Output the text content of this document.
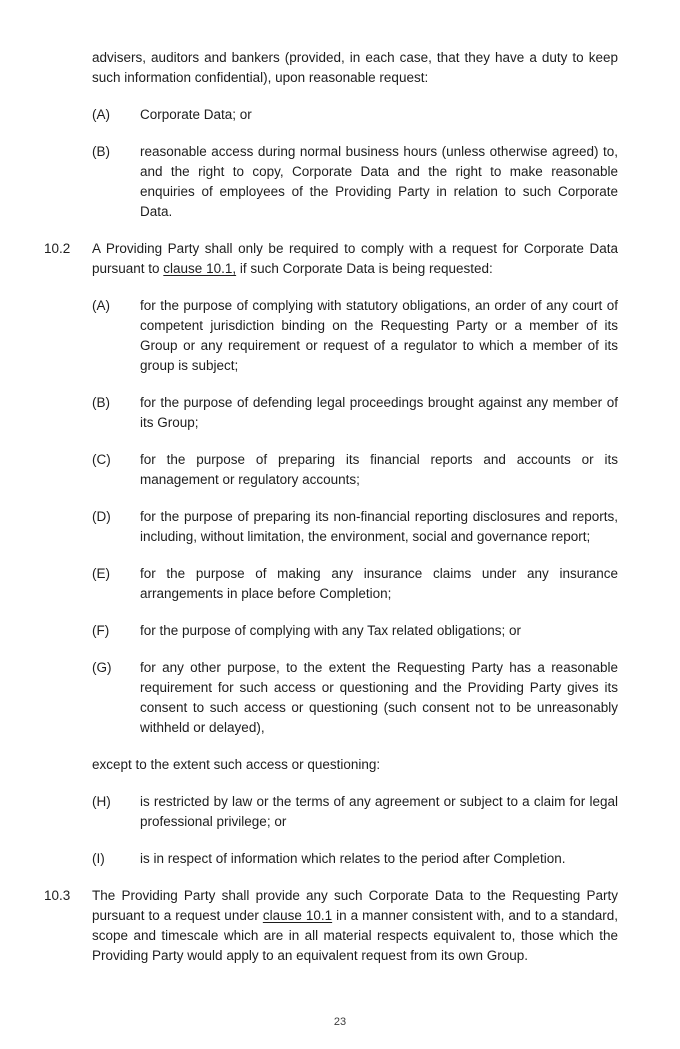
advisers, auditors and bankers (provided, in each case, that they have a duty to keep such information confidential), upon reasonable request:

(A)	Corporate Data; or
(B)	reasonable access during normal business hours (unless otherwise agreed) to, and the right to copy, Corporate Data and the right to make reasonable enquiries of employees of the Providing Party in relation to such Corporate Data.
10.2	A Providing Party shall only be required to comply with a request for Corporate Data pursuant to clause 10.1, if such Corporate Data is being requested:
(A)	for the purpose of complying with statutory obligations, an order of any court of competent jurisdiction binding on the Requesting Party or a member of its Group or any requirement or request of a regulator to which a member of its group is subject;
(B)	for the purpose of defending legal proceedings brought against any member of its Group;
(C)	for the purpose of preparing its financial reports and accounts or its management or regulatory accounts;
(D)	for the purpose of preparing its non-financial reporting disclosures and reports, including, without limitation, the environment, social and governance report;
(E)	for the purpose of making any insurance claims under any insurance arrangements in place before Completion;
(F)	for the purpose of complying with any Tax related obligations; or
(G)	for any other purpose, to the extent the Requesting Party has a reasonable requirement for such access or questioning and the Providing Party gives its consent to such access or questioning (such consent not to be unreasonably withheld or delayed),

except to the extent such access or questioning:

(H)	is restricted by law or the terms of any agreement or subject to a claim for legal professional privilege; or
(I)	is in respect of information which relates to the period after Completion.
10.3	The Providing Party shall provide any such Corporate Data to the Requesting Party pursuant to a request under clause 10.1 in a manner consistent with, and to a standard, scope and timescale which are in all material respects equivalent to, those which the Providing Party would apply to an equivalent request from its own Group.
23
